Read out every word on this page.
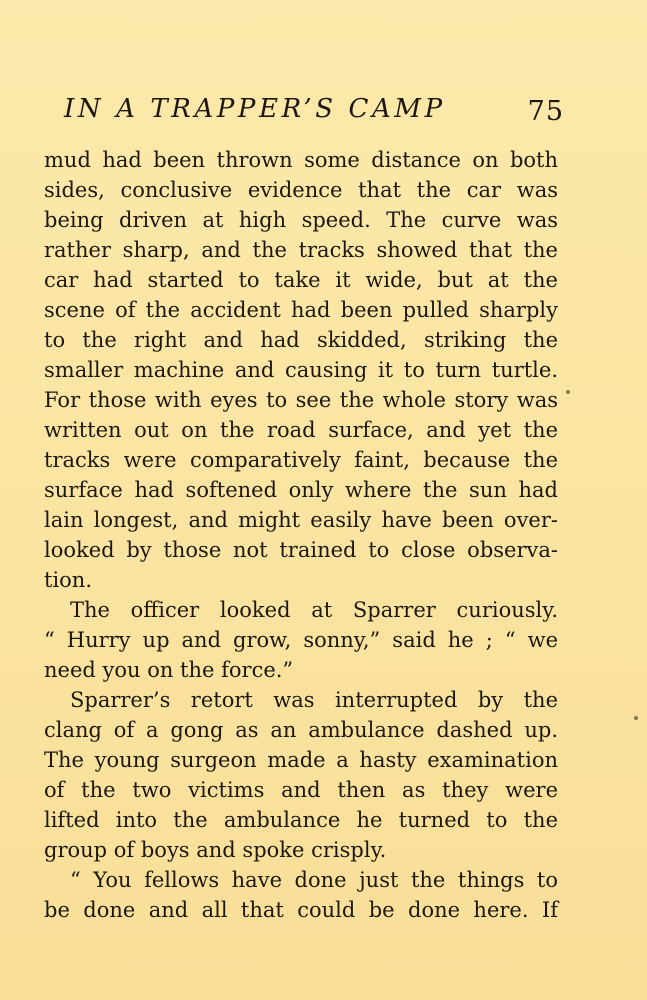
IN A TRAPPER’S CAMP	75
mud had been thrown some distance on both
sides, conclusive evidence that the car was
being driven at high speed. The curve was
rather sharp, and the tracks showed that the
car had started to take it wide, but at the
scene of the accident had been pulled sharply
to the right and had skidded, striking the
smaller machine and causing it to turn turtle.
For those with eyes to see the whole story was
written out on the road surface, and yet the
tracks were comparatively faint, because the
surface had softened only where the sun had
lain longest, and might easily have been over-
looked by those not trained to close observa-
tion.
The officer looked at Sparrer curiously.
“ Hurry up and grow, sonny,” said he ; “ we
need you on the force.”
Sparrer’s retort was interrupted by the
clang of a gong as an ambulance dashed up.
The young surgeon made a hasty examination
of the two victims and then as they were
lifted into the ambulance he turned to the
group of boys and spoke crisply.
“ You fellows have done just the things to
be done and all that could be done here. If
